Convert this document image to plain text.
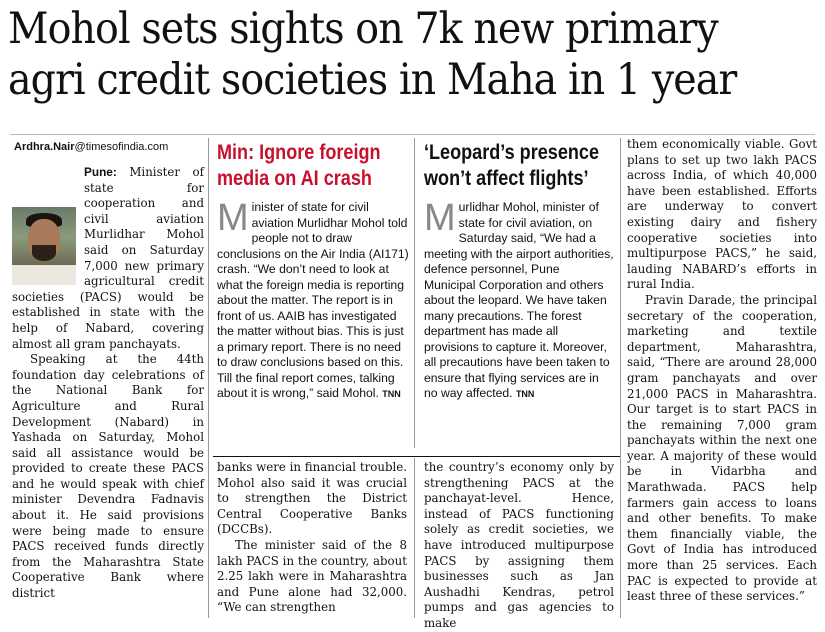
Mohol sets sights on 7k new primary
agri credit societies in Maha in 1 year
Ardhra.Nair@timesofindia.com

Pune: Minister of state for cooperation and civil aviation Murlidhar Mohol said on Saturday 7,000 new primary agricultural credit societies (PACS) would be established in state with the help of Nabard, covering almost all gram panchayats.

Speaking at the 44th foundation day celebrations of the National Bank for Agriculture and Rural Development (Nabard) in Yashada on Saturday, Mohol said all assistance would be provided to create these PACS and he would speak with chief minister Devendra Fadnavis about it. He said provisions were being made to ensure PACS received funds directly from the Maharashtra State Cooperative Bank where district

Min: Ignore foreign
media on AI crash
Minister of state for civil aviation Murlidhar Mohol told people not to draw conclusions on the Air India (AI171) crash. “We don’t need to look at what the foreign media is reporting about the matter. The report is in front of us. AAIB has investigated the matter without bias. This is just a primary report. There is no need to draw conclusions based on this. Till the final report comes, talking about it is wrong,” said Mohol. TNN
‘Leopard’s presence
won’t affect flights’
Murlidhar Mohol, minister of state for civil aviation, on Saturday said, “We had a meeting with the airport authorities, defence personnel, Pune Municipal Corporation and others about the leopard. We have taken many precautions. The forest department has made all provisions to capture it. Moreover, all precautions have been taken to ensure that flying services are in no way affected. TNN

banks were in financial trouble. Mohol also said it was crucial to strengthen the District Central Cooperative Banks (DCCBs).

The minister said of the 8 lakh PACS in the country, about 2.25 lakh were in Maharashtra and Pune alone had 32,000. “We can strengthen

the country’s economy only by strengthening PACS at the panchayat-level. Hence, instead of PACS functioning solely as credit societies, we have introduced multipurpose PACS by assigning them businesses such as Jan Aushadhi Kendras, petrol pumps and gas agencies to make

them economically viable. Govt plans to set up two lakh PACS across India, of which 40,000 have been established. Efforts are underway to convert existing dairy and fishery cooperative societies into multipurpose PACS,” he said, lauding NABARD’s efforts in rural India.

Pravin Darade, the principal secretary of the cooperation, marketing and textile department, Maharashtra, said, “There are around 28,000 gram panchayats and over 21,000 PACS in Maharashtra. Our target is to start PACS in the remaining 7,000 gram panchayats within the next one year. A majority of these would be in Vidarbha and Marathwada. PACS help farmers gain access to loans and other benefits. To make them financially viable, the Govt of India has introduced more than 25 services. Each PAC is expected to provide at least three of these services.”
